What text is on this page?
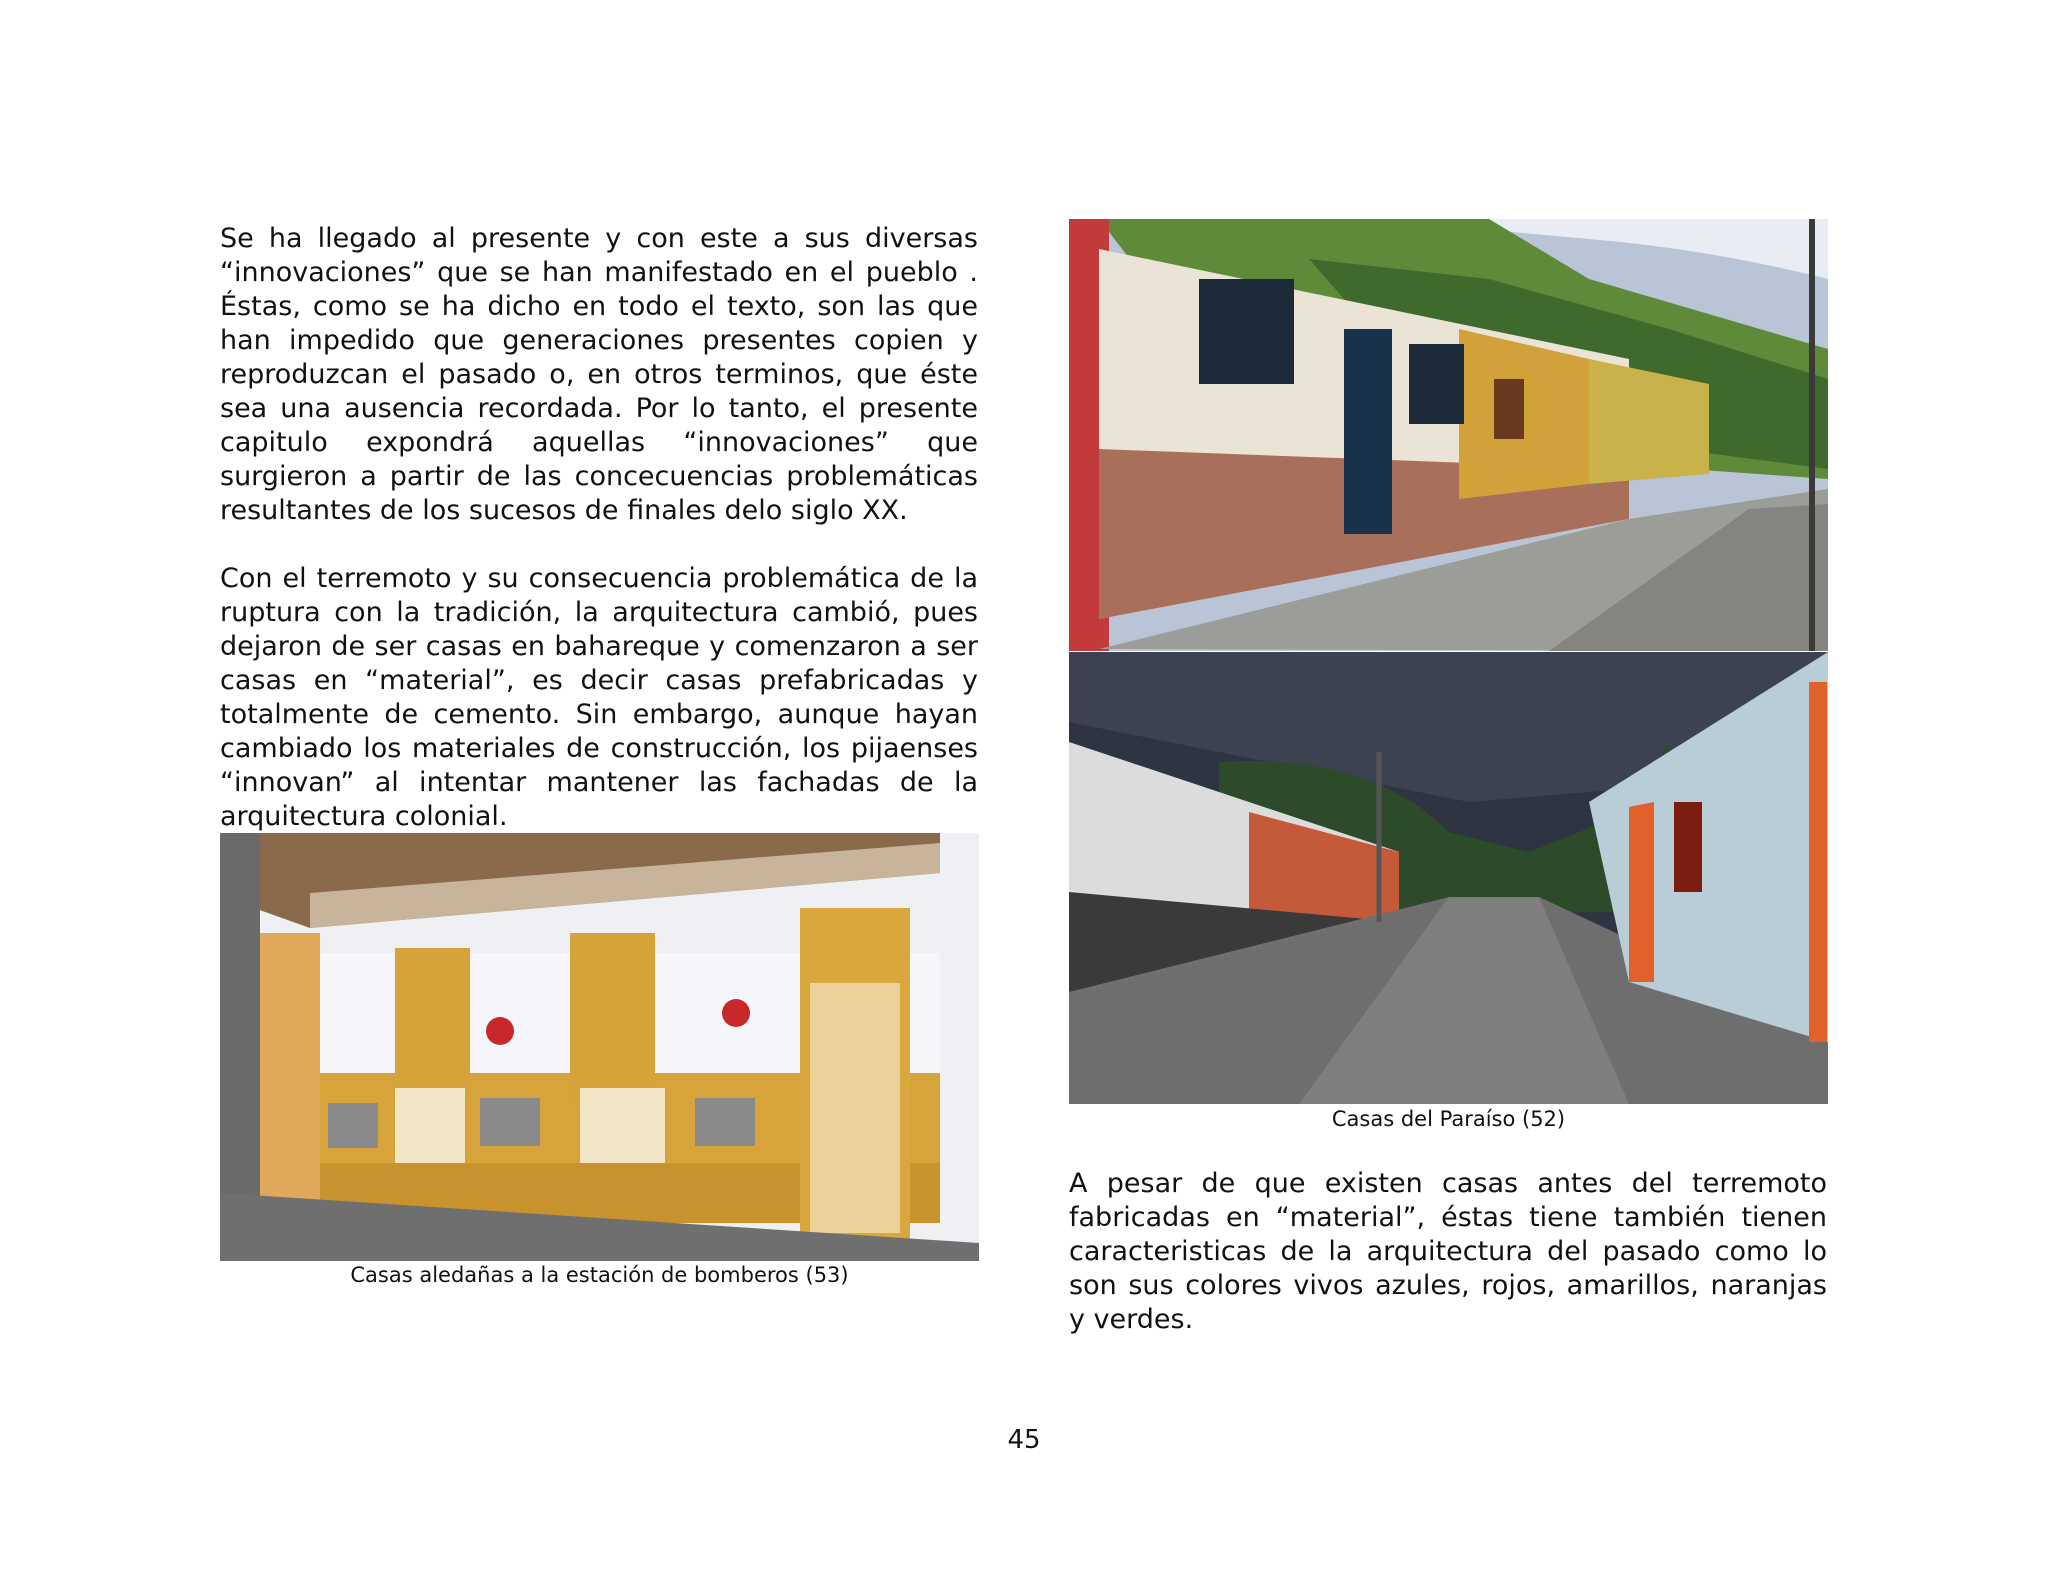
Se ha llegado al presente y con este a sus diversas “innovaciones” que se han manifestado en el pueblo . Éstas, como se ha dicho en todo el texto, son las que han impedido que generaciones presentes copien y reproduzcan el pasado o, en otros terminos, que éste sea una ausencia recordada. Por lo tanto, el presente capitulo expondrá aquellas “innovaciones” que surgieron a partir de las concecuencias problemáticas resultantes de los sucesos de finales delo siglo XX.

Con el terremoto y su consecuencia problemática de la ruptura con la tradición, la arquitectura cambió, pues dejaron de ser casas en bahareque y comenzaron a ser casas en “material”, es decir casas prefabricadas y totalmente de cemento. Sin embargo, aunque hayan cambiado los materiales de construcción, los pijaenses “innovan” al intentar mantener las fachadas de la arquitectura colonial.

Casas del Paraíso (52)

A pesar de que existen casas antes del terremoto fabricadas en “material”, éstas tiene también tienen caracteristicas de la arquitectura del pasado como lo son sus colores vivos azules, rojos, amarillos, naranjas y verdes.

Casas aledañas a la estación de bomberos (53)
45
